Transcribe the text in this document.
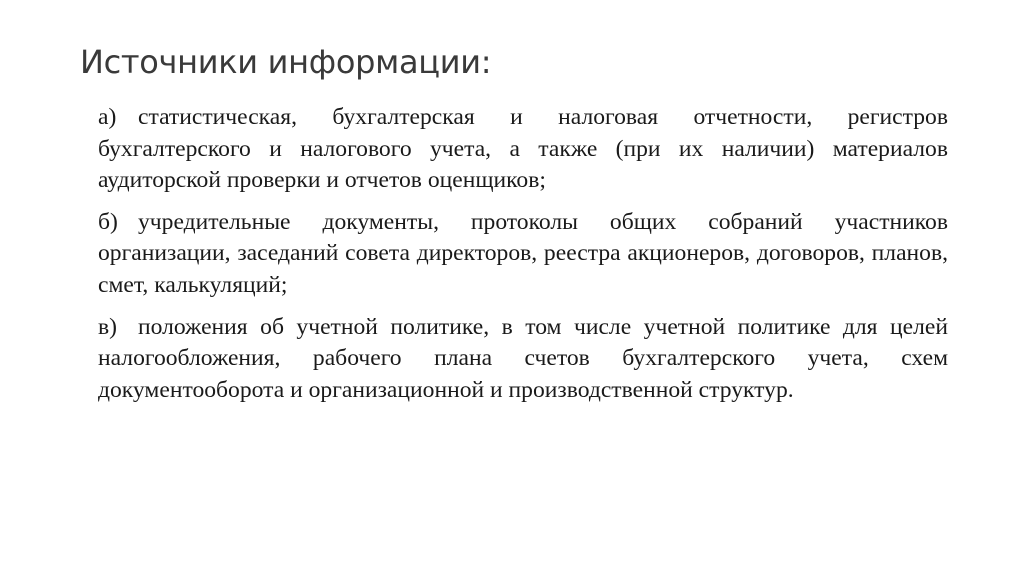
Источники информации:
а) статистическая, бухгалтерская и налоговая отчетности, регистров бухгалтерского и налогового учета, а также (при их наличии) материалов аудиторской проверки и отчетов оценщиков;
б) учредительные документы, протоколы общих собраний участников организации, заседаний совета директоров, реестра акционеров, договоров, планов, смет, калькуляций;
в) положения об учетной политике, в том числе учетной политике для целей налогообложения, рабочего плана счетов бухгалтерского учета, схем документооборота и организационной и производственной структур.
